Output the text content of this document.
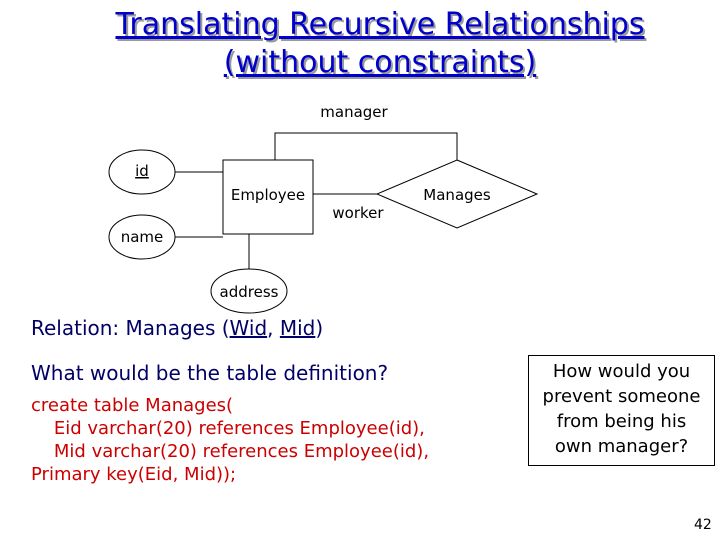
Translating Recursive Relationships
(without constraints)
Employee	Manages
id
name
address
manager
worker
Relation: Manages (Wid, Mid)
What would be the table definition?
create table Manages(
Eid varchar(20) references Employee(id),
Mid varchar(20) references Employee(id),
Primary key(Eid, Mid));
How would you
prevent someone
from being his
own manager?
42
